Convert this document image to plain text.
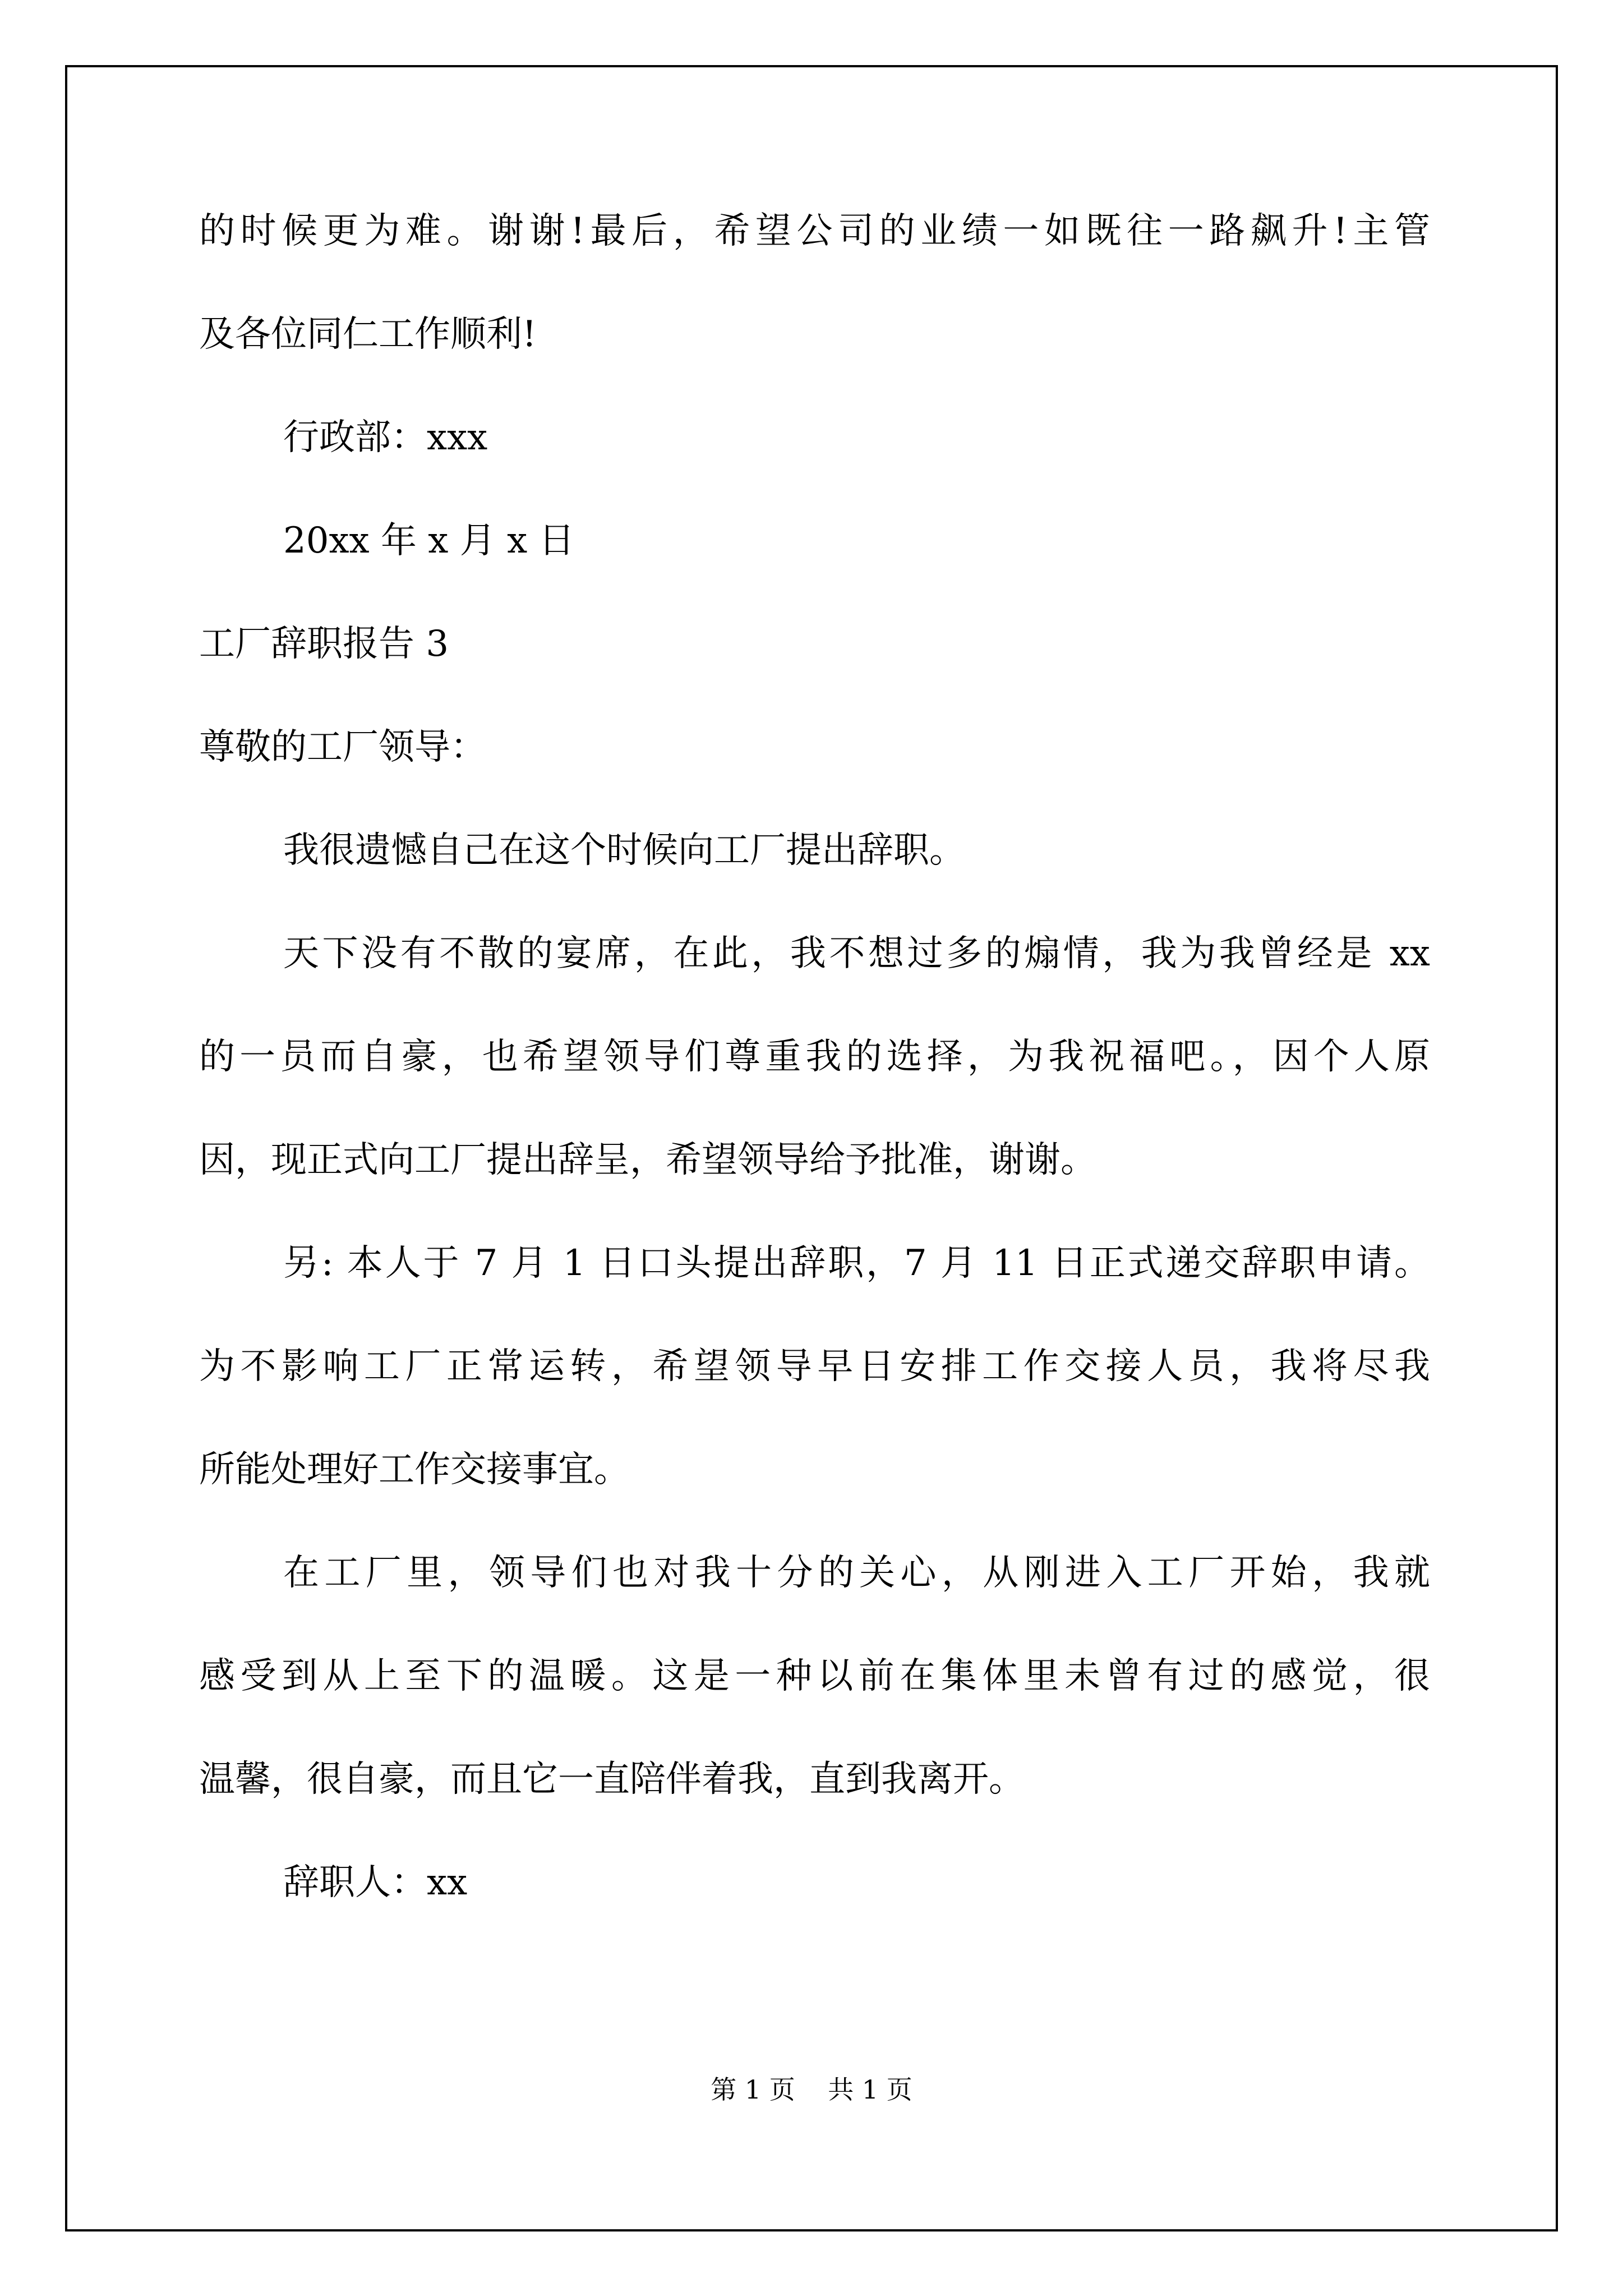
的时候更为难。谢谢!最后，希望公司的业绩一如既往一路飙升!主管
及各位同仁工作顺利!
行政部：xxx
20xx 年 x 月 x 日
工厂辞职报告 3
尊敬的工厂领导：
我很遗憾自己在这个时候向工厂提出辞职。
天下没有不散的宴席，在此，我不想过多的煽情，我为我曾经是 xx
的一员而自豪，也希望领导们尊重我的选择，为我祝福吧。，因个人原
因，现正式向工厂提出辞呈，希望领导给予批准，谢谢。
另: 本人于 7 月 1 日口头提出辞职，7 月 11 日正式递交辞职申请。
为不影响工厂正常运转，希望领导早日安排工作交接人员，我将尽我
所能处理好工作交接事宜。
在工厂里，领导们也对我十分的关心，从刚进入工厂开始，我就
感受到从上至下的温暖。这是一种以前在集体里未曾有过的感觉，很
温馨，很自豪，而且它一直陪伴着我，直到我离开。
辞职人：xx
第 1 页 共 1 页
